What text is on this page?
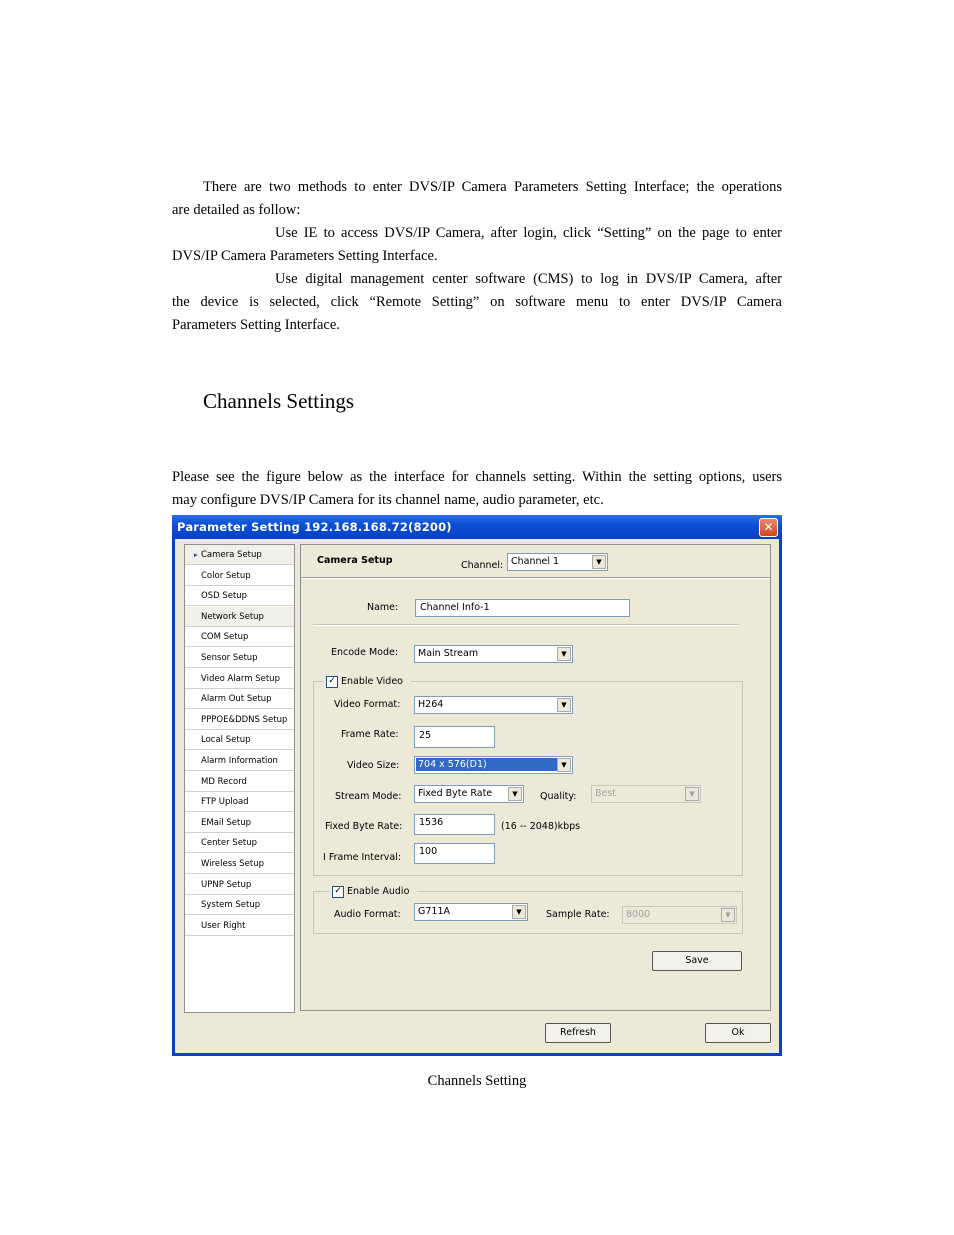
There are two methods to enter DVS/IP Camera Parameters Setting Interface; the operations
are detailed as follow:
Use IE to access DVS/IP Camera, after login, click “Setting” on the page to enter
DVS/IP Camera Parameters Setting Interface.
Use digital management center software (CMS) to log in DVS/IP Camera, after
the device is selected, click “Remote Setting” on software menu to enter DVS/IP Camera
Parameters Setting Interface.
Channels Settings
Please see the figure below as the interface for channels setting. Within the setting options, users
may configure DVS/IP Camera for its channel name, audio parameter, etc.
Parameter Setting 192.168.168.72(8200)	✕
▸ Camera Setup
Color Setup
OSD Setup
Network Setup
COM Setup
Sensor Setup
Video Alarm Setup
Alarm Out Setup
PPPOE&DDNS Setup
Local Setup
Alarm Information
MD Record
FTP Upload
EMail Setup
Center Setup
Wireless Setup
UPNP Setup
System Setup
User Right
Camera Setup	Channel: Channel 1	▼
Name:	Channel Info-1
Encode Mode: Main Stream	▼
✓ Enable Video
Video Format: H264	▼
Frame Rate:	25
Video Size: 704 x 576(D1)	▼
Stream Mode: Fixed Byte Rate	▼	Quality: Best	▼
Fixed Byte Rate:	1536	(16 -- 2048)kbps
I Frame Interval:
100
✓ Enable Audio
Audio Format: G711A	▼	Sample Rate: 8000	▼
Save
Refresh	Ok
Channels Setting
